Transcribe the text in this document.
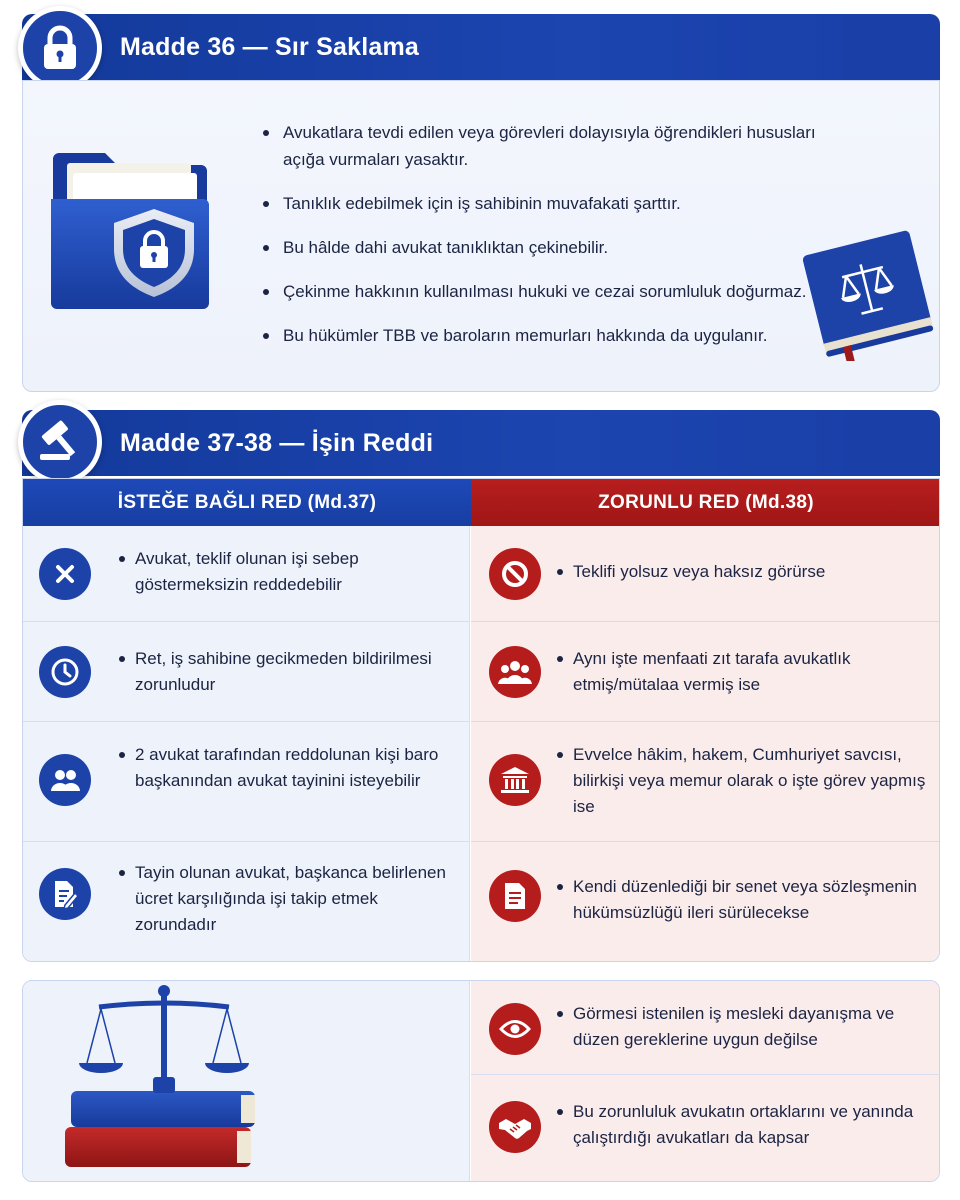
Madde 36 — Sır Saklama
Avukatlara tevdi edilen veya görevleri dolayısıyla öğrendikleri hususları açığa vurmaları yasaktır.
Tanıklık edebilmek için iş sahibinin muvafakati şarttır.
Bu hâlde dahi avukat tanıklıktan çekinebilir.
Çekinme hakkının kullanılması hukuki ve cezai sorumluluk doğurmaz.
Bu hükümler TBB ve baroların memurları hakkında da uygulanır.
Madde 37-38 — İşin Reddi
İSTEĞE BAĞLI RED (Md.37)	ZORUNLU RED (Md.38)
Avukat, teklif olunan işi sebep göstermeksizin reddedebilir
Ret, iş sahibine gecikmeden bildirilmesi zorunludur
2 avukat tarafından reddolunan kişi baro başkanından avukat tayinini isteyebilir
Tayin olunan avukat, başkanca belirlenen ücret karşılığında işi takip etmek zorundadır
Teklifi yolsuz veya haksız görürse
Aynı işte menfaati zıt tarafa avukatlık etmiş/mütalaa vermiş ise
Evvelce hâkim, hakem, Cumhuriyet savcısı, bilirkişi veya memur olarak o işte görev yapmış ise
Kendi düzenlediği bir senet veya sözleşmenin hükümsüzlüğü ileri sürülecekse
Görmesi istenilen iş mesleki dayanışma ve düzen gereklerine uygun değilse
Bu zorunluluk avukatın ortaklarını ve yanında çalıştırdığı avukatları da kapsar
